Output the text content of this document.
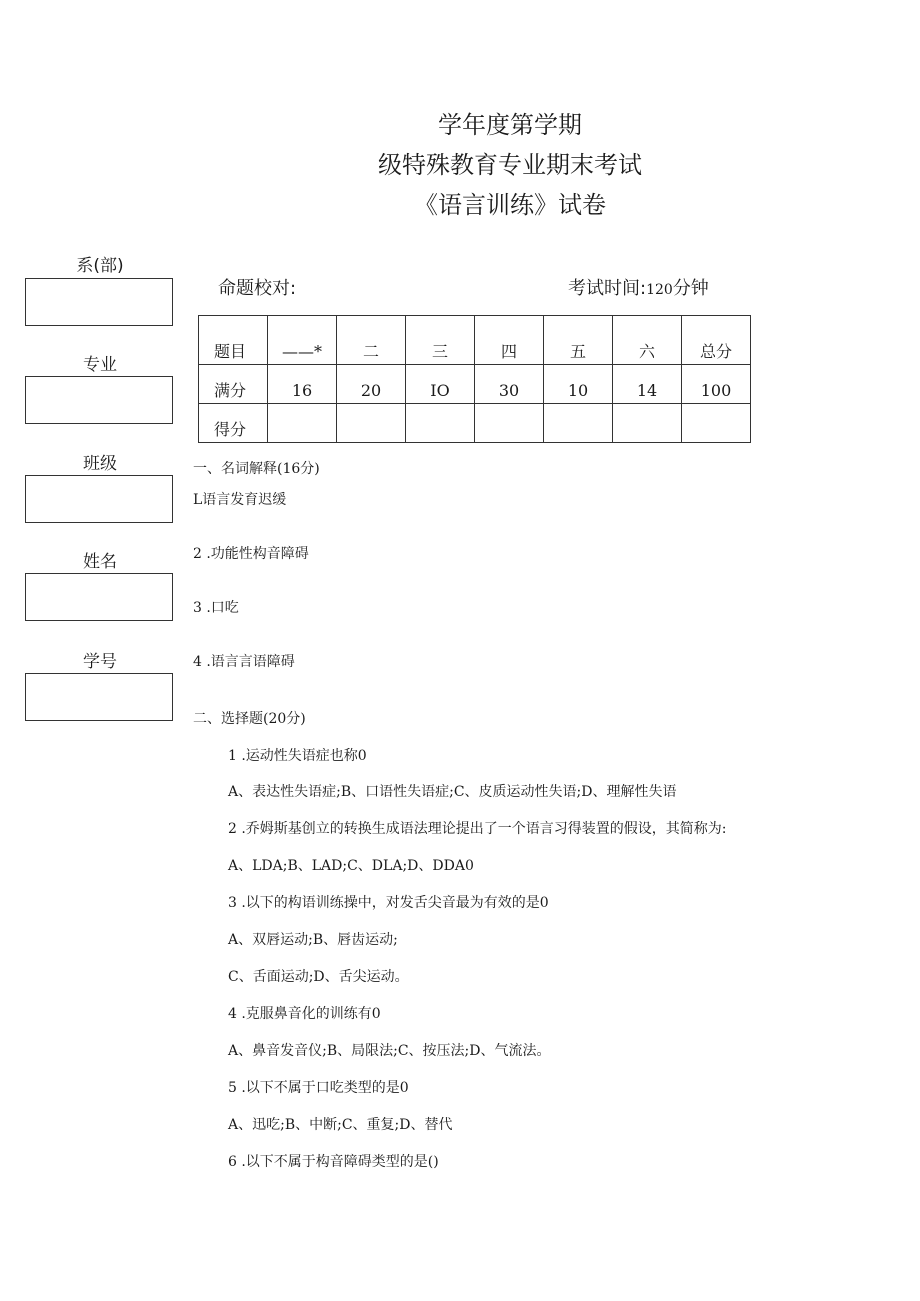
学年度第学期
级特殊教育专业期末考试
《语言训练》试卷
系(部)
专业
班级
姓名
学号
命题校对:	考试时间:120分钟
题目	——*	二	三	四	五	六	总分
满分	16	20	IO	30	10	14	100
得分							
一、名词解释(16分)
L语言发育迟缓
2 .功能性构音障碍
3 .口吃
4 .语言言语障碍
二、选择题(20分)
1 .运动性失语症也称0
A、表达性失语症;B、口语性失语症;C、皮质运动性失语;D、理解性失语
2 .乔姆斯基创立的转换生成语法理论提出了一个语言习得装置的假设，其简称为:
A、LDA;B、LAD;C、DLA;D、DDA0
3 .以下的构语训练操中，对发舌尖音最为有效的是0
A、双唇运动;B、唇齿运动;
C、舌面运动;D、舌尖运动。
4 .克服鼻音化的训练有0
A、鼻音发音仪;B、局限法;C、按压法;D、气流法。
5 .以下不属于口吃类型的是0
A、迅吃;B、中断;C、重复;D、替代
6 .以下不属于构音障碍类型的是()
